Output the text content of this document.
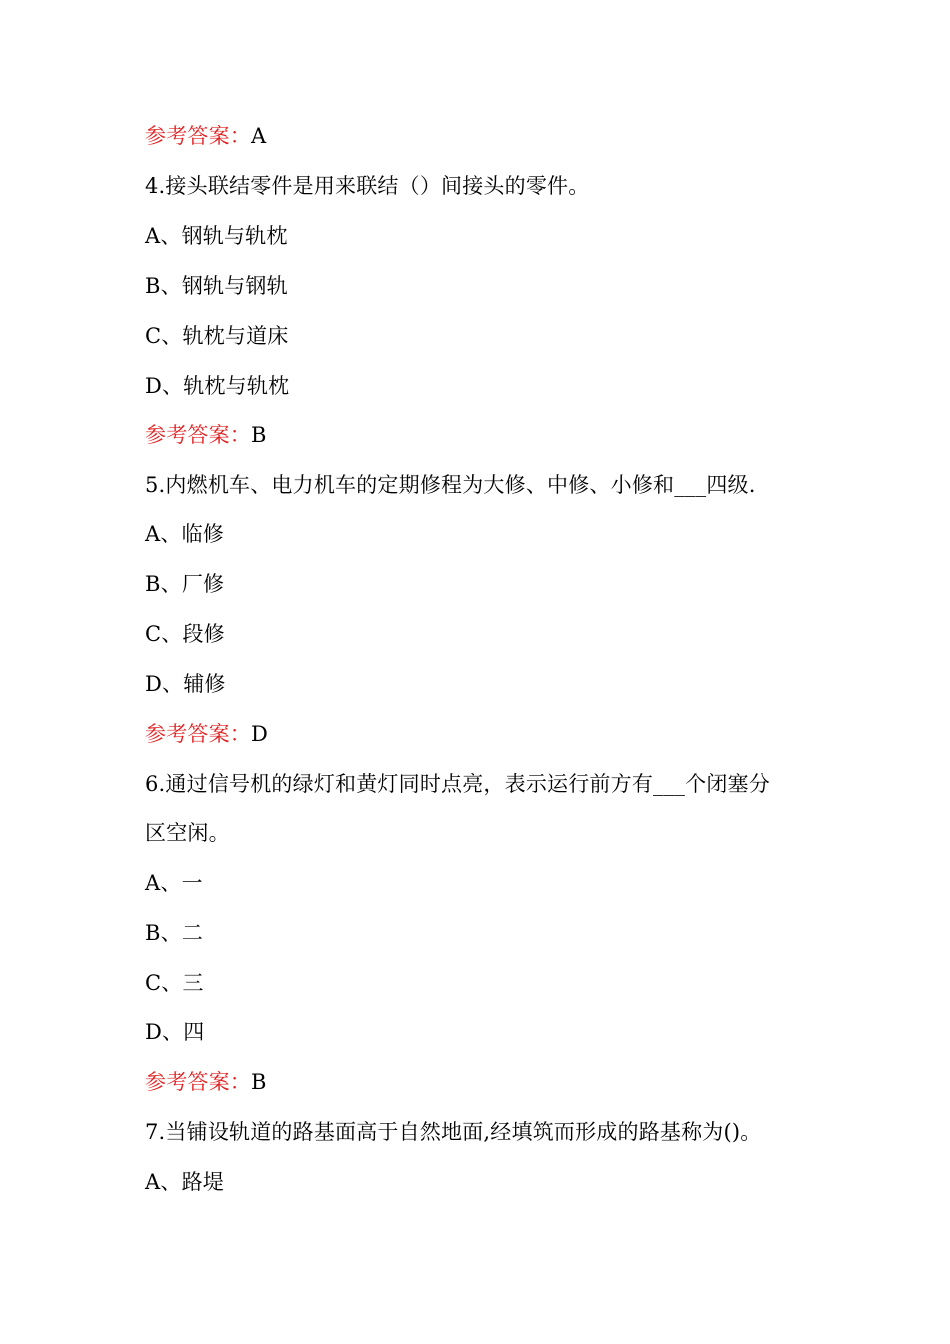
参考答案：A
4.接头联结零件是用来联结（）间接头的零件。
A、钢轨与轨枕
B、钢轨与钢轨
C、轨枕与道床
D、轨枕与轨枕
参考答案：B
5.内燃机车、电力机车的定期修程为大修、中修、小修和___四级.
A、临修
B、厂修
C、段修
D、辅修
参考答案：D
6.通过信号机的绿灯和黄灯同时点亮，表示运行前方有___个闭塞分
区空闲。
A、一
B、二
C、三
D、四
参考答案：B
7.当铺设轨道的路基面高于自然地面,经填筑而形成的路基称为()。
A、路堤
